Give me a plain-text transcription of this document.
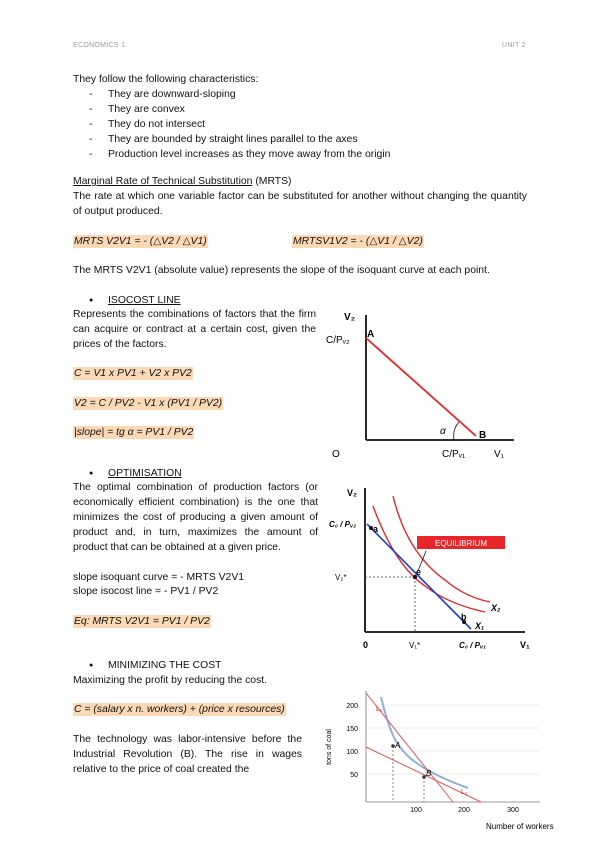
ECONOMICS 1	UNIT 2
They follow the following characteristics:
- They are downward-sloping
- They are convex
- They do not intersect
- They are bounded by straight lines parallel to the axes
- Production level increases as they move away from the origin
Marginal Rate of Technical Substitution (MRTS)
The rate at which one variable factor can be substituted for another without changing the quantity of output produced.
MRTS V2V1 = - (△V2 / △V1)	MRTSV1V2 = - (△V1 / △V2)
The MRTS V2V1 (absolute value) represents the slope of the isoquant curve at each point.
● ISOCOST LINE
Represents the combinations of factors that the firm can acquire or contract at a certain cost, given the prices of the factors.
C = V1 x PV1 + V2 x PV2
V2 = C / PV2 - V1 x (PV1 / PV2)
|slope| = tg α = PV1 / PV2
V₂
C/Pᵥ₂
A
B
α
O	C/Pᵥ₁	V₁
● OPTIMISATION
The optimal combination of production factors (or economically efficient combination) is the one that minimizes the cost of producing a given amount of product and, in turn, maximizes the amount of product that can be obtained at a given price.
slope isoquant curve = - MRTS V2V1
slope isocost line = - PV1 / PV2
Eq: MRTS V2V1 = PV1 / PV2
EQUILIBRIUM
V₂
C₀ / Pᵥ₂ a
V₂*
e
X₂
b
X₁
0	V₁*	C₀ / Pᵥ₁	V₁
● MINIMIZING THE COST
Maximizing the profit by reducing the cost.
C = (salary x n. workers) + (price x resources)
The technology was labor-intensive before the Industrial Revolution (B). The rise in wages relative to the price of coal created the
tons of coal
200
150
100
50
100	200	300
L₂
L₁
A
B
Number of workers
